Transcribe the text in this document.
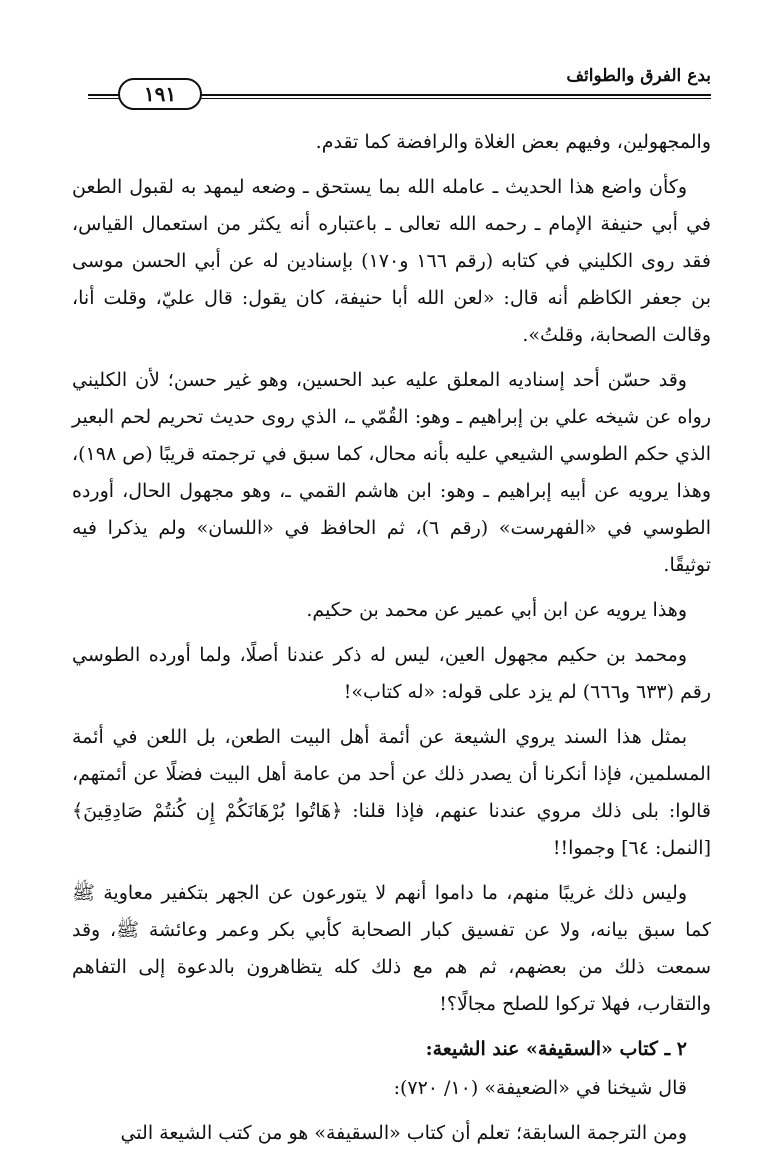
١٩١
بدع الفرق والطوائف

والمجهولين، وفيهم بعض الغلاة والرافضة كما تقدم.

وكأن واضع هذا الحديث ـ عامله الله بما يستحق ـ وضعه ليمهد به لقبول الطعن في أبي حنيفة الإمام ـ رحمه الله تعالى ـ باعتباره أنه يكثر من استعمال القياس، فقد روى الكليني في كتابه (رقم ١٦٦ و١٧٠) بإسنادين له عن أبي الحسن موسى بن جعفر الكاظم أنه قال: «لعن الله أبا حنيفة، كان يقول: قال عليّ، وقلت أنا، وقالت الصحابة، وقلتُ».

وقد حسّن أحد إسناديه المعلق عليه عبد الحسين، وهو غير حسن؛ لأن الكليني رواه عن شيخه علي بن إبراهيم ـ وهو: القُمّي ـ، الذي روى حديث تحريم لحم البعير الذي حكم الطوسي الشيعي عليه بأنه محال، كما سبق في ترجمته قريبًا (ص ١٩٨)، وهذا يرويه عن أبيه إبراهيم ـ وهو: ابن هاشم القمي ـ، وهو مجهول الحال، أورده الطوسي في «الفهرست» (رقم ٦)، ثم الحافظ في «اللسان» ولم يذكرا فيه توثيقًا.

وهذا يرويه عن ابن أبي عمير عن محمد بن حكيم.

ومحمد بن حكيم مجهول العين، ليس له ذكر عندنا أصلًا، ولما أورده الطوسي رقم (٦٣٣ و٦٦٦) لم يزد على قوله: «له كتاب»!

بمثل هذا السند يروي الشيعة عن أئمة أهل البيت الطعن، بل اللعن في أئمة المسلمين، فإذا أنكرنا أن يصدر ذلك عن أحد من عامة أهل البيت فضلًا عن أئمتهم، قالوا: بلى ذلك مروي عندنا عنهم، فإذا قلنا: ﴿هَاتُوا بُرْهَانَكُمْ إِن كُنتُمْ صَادِقِينَ﴾ [النمل: ٦٤] وجموا!!

وليس ذلك غريبًا منهم، ما داموا أنهم لا يتورعون عن الجهر بتكفير معاوية ﷺ كما سبق بيانه، ولا عن تفسيق كبار الصحابة كأبي بكر وعمر وعائشة ﷺ، وقد سمعت ذلك من بعضهم، ثم هم مع ذلك كله يتظاهرون بالدعوة إلى التفاهم والتقارب، فهلا تركوا للصلح مجالًا؟!

٢ ـ كتاب «السقيفة» عند الشيعة:

قال شيخنا في «الضعيفة» (١٠/ ٧٢٠):

ومن الترجمة السابقة؛ تعلم أن كتاب «السقيفة» هو من كتب الشيعة التي
